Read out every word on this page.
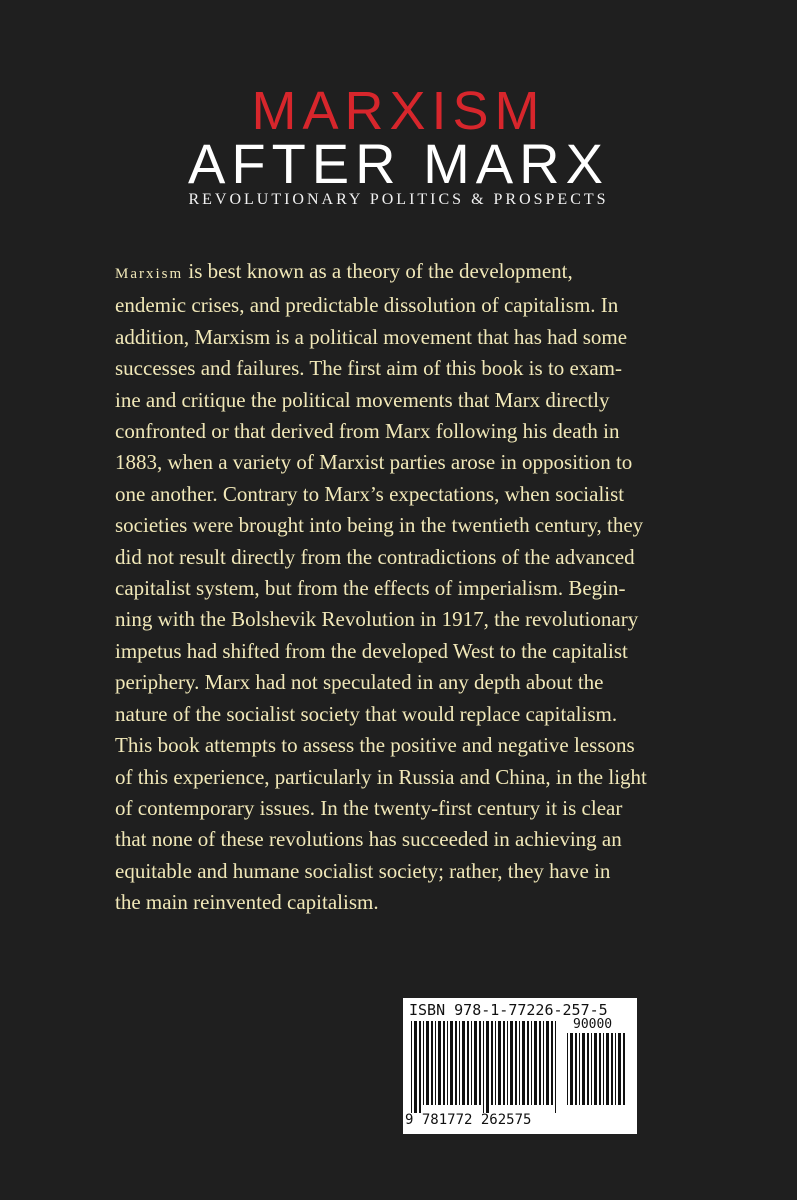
MARXISM
AFTER MARX
REVOLUTIONARY POLITICS & PROSPECTS
Marxism is best known as a theory of the development,
endemic crises, and predictable dissolution of capitalism. In
addition, Marxism is a political movement that has had some
successes and failures. The first aim of this book is to exam-
ine and critique the political movements that Marx directly
confronted or that derived from Marx following his death in
1883, when a variety of Marxist parties arose in opposition to
one another. Contrary to Marx’s expectations, when socialist
societies were brought into being in the twentieth century, they
did not result directly from the contradictions of the advanced
capitalist system, but from the effects of imperialism. Begin-
ning with the Bolshevik Revolution in 1917, the revolutionary
impetus had shifted from the developed West to the capitalist
periphery. Marx had not speculated in any depth about the
nature of the socialist society that would replace capitalism.
This book attempts to assess the positive and negative lessons
of this experience, particularly in Russia and China, in the light
of contemporary issues. In the twenty-first century it is clear
that none of these revolutions has succeeded in achieving an
equitable and humane socialist society; rather, they have in
the main reinvented capitalism.
ISBN 978-1-77226-257-5
90000
9 781772 262575
